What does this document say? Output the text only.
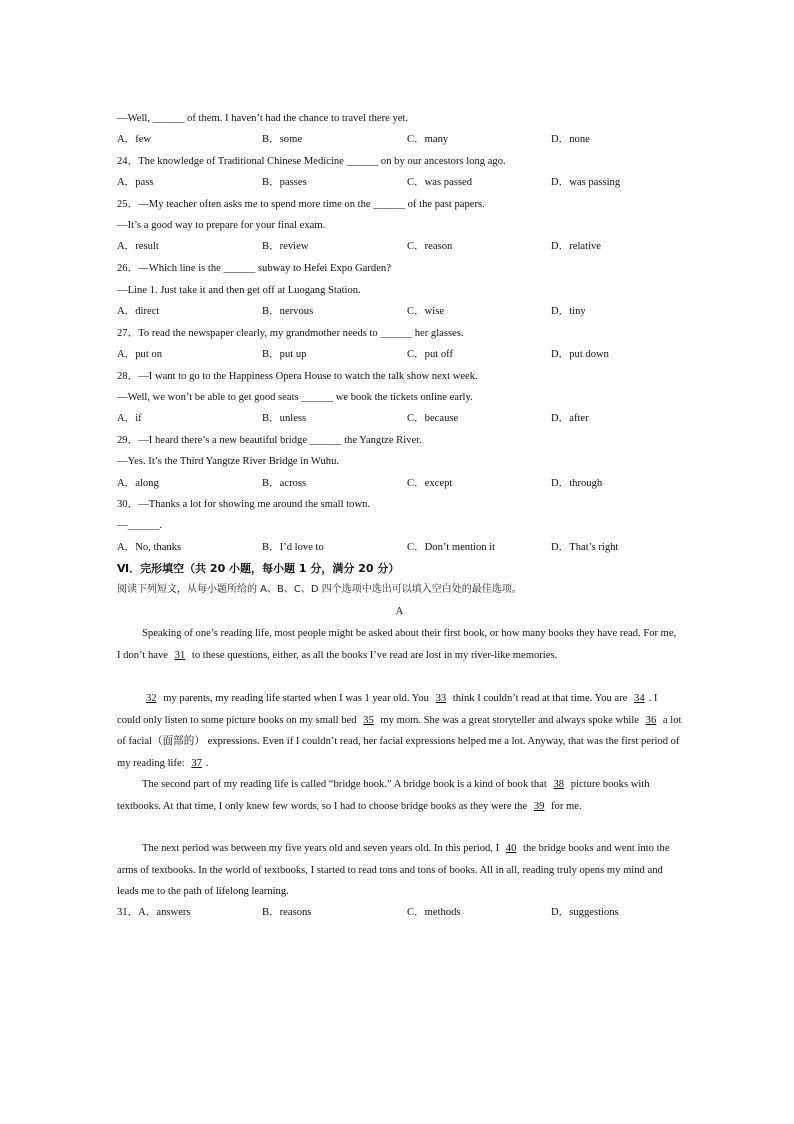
—Well, ______ of them. I haven’t had the chance to travel there yet.
A．few	B．some	C．many	D．none
24．The knowledge of Traditional Chinese Medicine ______ on by our ancestors long ago.
A．pass	B．passes	C．was passed	D．was passing
25．—My teacher often asks me to spend more time on the ______ of the past papers.
—It’s a good way to prepare for your final exam.
A．result	B．review	C．reason	D．relative
26．—Which line is the ______ subway to Hefei Expo Garden?
—Line 1. Just take it and then get off at Luogang Station.
A．direct	B．nervous	C．wise	D．tiny
27．To read the newspaper clearly, my grandmother needs to ______ her glasses.
A．put on	B．put up	C．put off	D．put down
28．—I want to go to the Happiness Opera House to watch the talk show next week.
—Well, we won’t be able to get good seats ______ we book the tickets online early.
A．if	B．unless	C．because	D．after
29．—I heard there’s a new beautiful bridge ______ the Yangtze River.
—Yes. It’s the Third Yangtze River Bridge in Wuhu.
A．along	B．across	C．except	D．through
30．—Thanks a lot for showing me around the small town.
—______.
A．No, thanks	B．I’d love to	C．Don’t mention it	D．That’s right
Ⅵ．完形填空（共 20 小题，每小题 1 分，满分 20 分）
阅读下列短文，从每小题所给的 A、B、C、D 四个选项中选出可以填入空白处的最佳选项。
A
Speaking of one’s reading life, most people might be asked about their first book, or how many books they have read. For me, I don’t have 31 to these questions, either, as all the books I’ve read are lost in my river-like memories.
32 my parents, my reading life started when I was 1 year old. You 33 think I couldn’t read at that time. You are 34 . I could only listen to some picture books on my small bed 35 my mom. She was a great storyteller and always spoke while 36 a lot of facial（面部的） expressions. Even if I couldn’t read, her facial expressions helped me a lot. Anyway, that was the first period of my reading life: 37 .
The second part of my reading life is called “bridge book.” A bridge book is a kind of book that 38 picture books with textbooks. At that time, I only knew few words, so I had to choose bridge books as they were the 39 for me.
The next period was between my five years old and seven years old. In this period, I 40 the bridge books and went into the arms of textbooks. In the world of textbooks, I started to read tons and tons of books. All in all, reading truly opens my mind and leads me to the path of lifelong learning.
31．A．answers	B．reasons	C．methods	D．suggestions
